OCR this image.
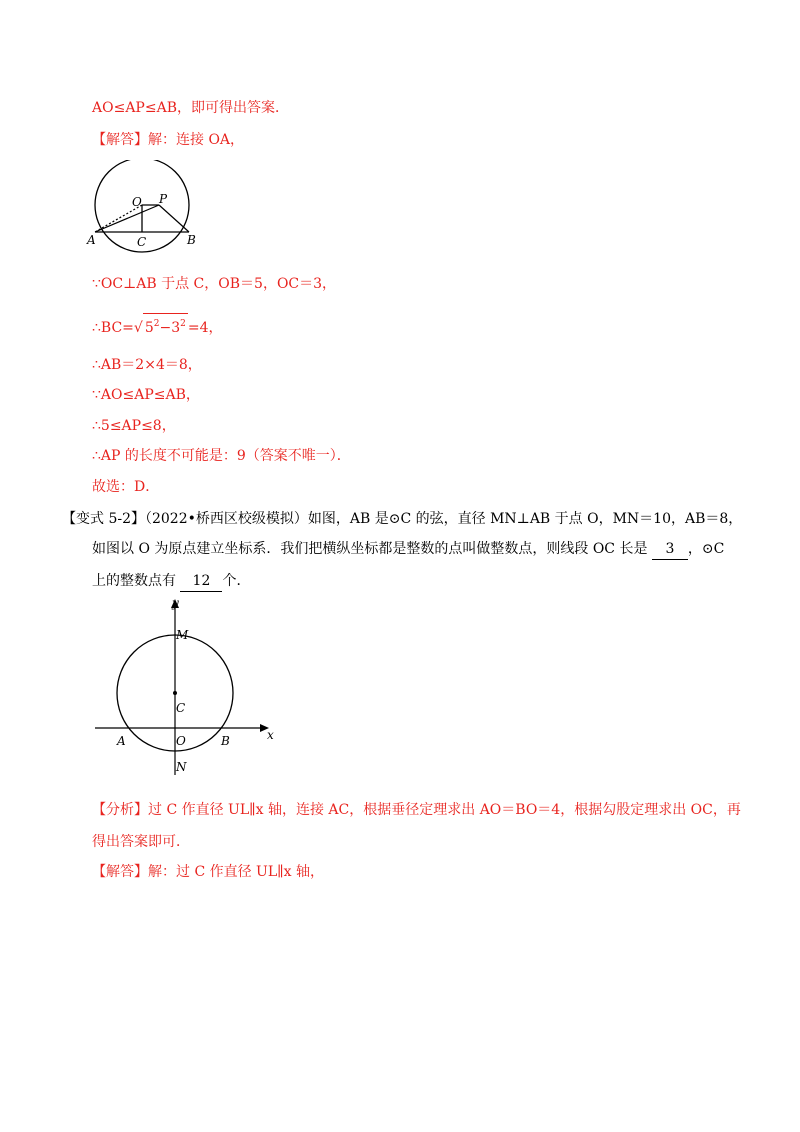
AO≤AP≤AB，即可得出答案．
【解答】解：连接 OA，
O P
A	C	B
∵OC⊥AB 于点 C，OB＝5，OC＝3，
∴BC=√ $5^2-3^2 =4$，
∴AB＝2×4＝8，
∵AO≤AP≤AB，
∴5≤AP≤8，
∴AP 的长度不可能是：9（答案不唯一）．
故选：D．
【变式 5-2】（2022•桥西区校级模拟）如图，AB 是⊙C 的弦，直径 MN⊥AB 于点 O，MN＝10，AB＝8，
如图以 O 为原点建立坐标系．我们把横纵坐标都是整数的点叫做整数点，则线段 OC 长是 3 ，⊙C
上的整数点有 12 个．
y
x
M
C
A	O	B
N
【分析】过 C 作直径 UL∥x 轴，连接 AC，根据垂径定理求出 AO＝BO＝4，根据勾股定理求出 OC，再
得出答案即可．
【解答】解：过 C 作直径 UL∥x 轴，
